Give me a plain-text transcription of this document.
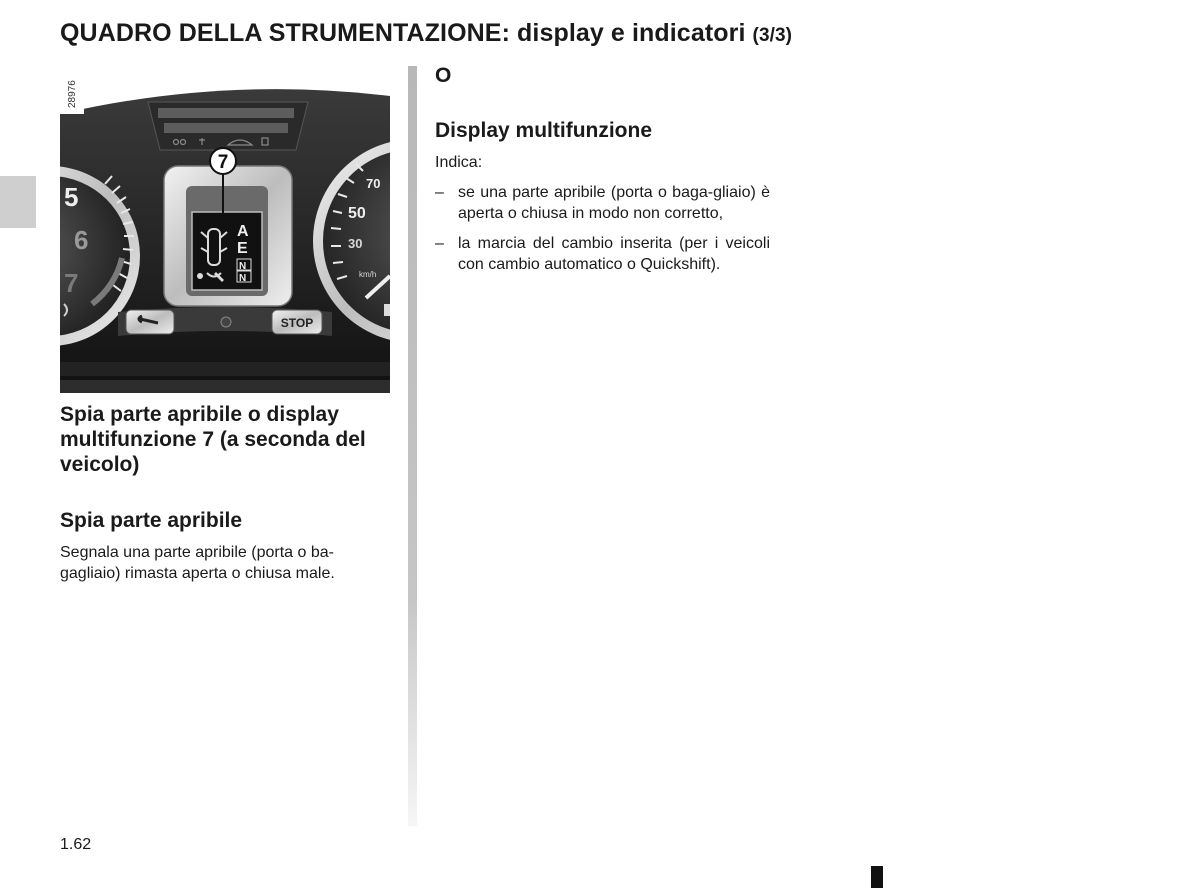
QUADRO DELLA STRUMENTAZIONE: display e indicatori (3/3)
5
6
7
70
50
30
km/h
A
E
N
N
7
STOP
28976
Spia parte apribile o display multifunzione 7 (a seconda del veicolo)
Spia parte apribile

Segnala una parte apribile (porta o ba-gagliaio) rimasta aperta o chiusa male.

O
Display multifunzione

Indica:

– se una parte apribile (porta o baga-gliaio) è aperta o chiusa in modo non corretto,
– la marcia del cambio inserita (per i veicoli con cambio automatico o Quickshift).
1.62
